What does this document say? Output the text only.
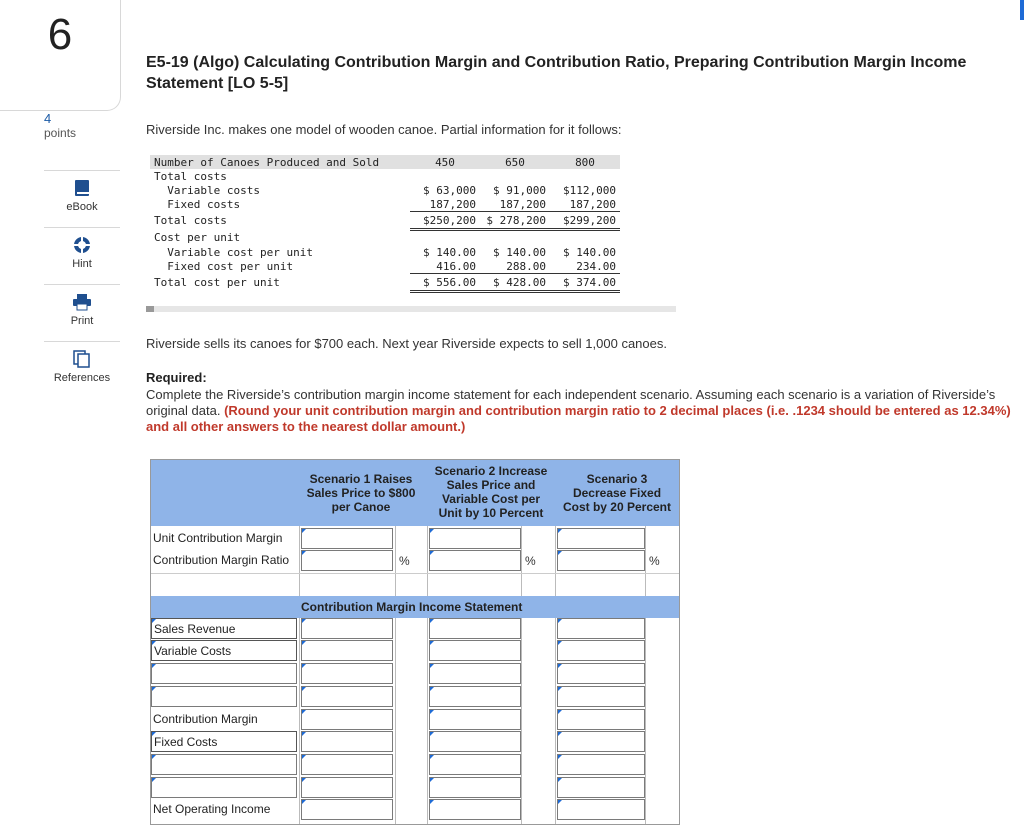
6
4
points
eBook
Hint
Print
References
E5-19 (Algo) Calculating Contribution Margin and Contribution Ratio, Preparing Contribution Margin Income Statement [LO 5-5]
Riverside Inc. makes one model of wooden canoe. Partial information for it follows:
Number of Canoes Produced and Sold	450	650	800
Total costs			
Variable costs	$ 63,000	$ 91,000	$112,000
Fixed costs	187,200	187,200	187,200
Total costs	$250,200	$ 278,200	$299,200
Cost per unit			
Variable cost per unit	$ 140.00	$ 140.00	$ 140.00
Fixed cost per unit	416.00	288.00	234.00
Total cost per unit	$ 556.00	$ 428.00	$ 374.00
Riverside sells its canoes for $700 each. Next year Riverside expects to sell 1,000 canoes.
Required:
Complete the Riverside’s contribution margin income statement for each independent scenario. Assuming each scenario is a variation of Riverside’s original data. (Round your unit contribution margin and contribution margin ratio to 2 decimal places (i.e. .1234 should be entered as 12.34%) and all other answers to the nearest dollar amount.)
Scenario 1 Raises Sales Price to $800 per Canoe
Scenario 2 Increase Sales Price and Variable Cost per Unit by 10 Percent
Scenario 3 Decrease Fixed Cost by 20 Percent
Unit Contribution Margin
Contribution Margin Ratio	%	%	%
Contribution Margin Income Statement
Sales Revenue
Variable Costs
Contribution Margin
Fixed Costs
Net Operating Income
